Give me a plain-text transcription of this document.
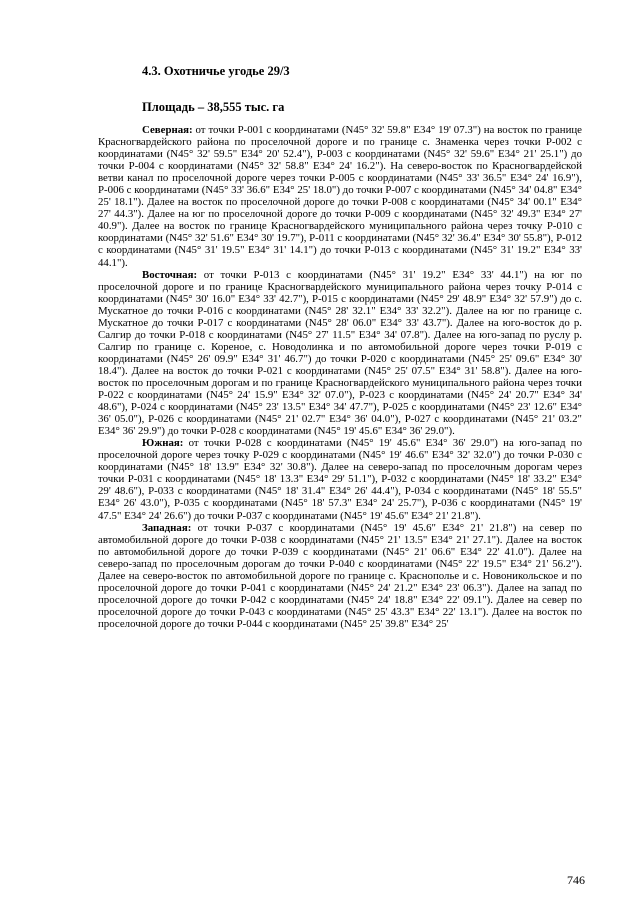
4.3. Охотничье угодье 29/3

Площадь – 38,555 тыс. га

Северная: от точки Р-001 с координатами (N45° 32' 59.8" E34° 19' 07.3") на восток по границе Красногвардейского района по проселочной дороге и по границе с. Знаменка через точки Р-002 с координатами (N45° 32' 59.5" E34° 20' 52.4"), Р-003 с координатами (N45° 32' 59.6" E34° 21' 25.1") до точки Р-004 с координатами (N45° 32' 58.8" E34° 24' 16.2"). На северо-восток по Красногвардейской ветви канал по проселочной дороге через точки Р-005 с координатами (N45° 33' 36.5" E34° 24' 16.9"), Р-006 с координатами (N45° 33' 36.6" E34° 25' 18.0") до точки Р-007 с координатами (N45° 34' 04.8" E34° 25' 18.1"). Далее на восток по проселочной дороге до точки Р-008 с координатами (N45° 34' 00.1" E34° 27' 44.3"). Далее на юг по проселочной дороге до точки Р-009 с координатами (N45° 32' 49.3" E34° 27' 40.9"). Далее на восток по границе Красногвардейского муниципального района через точку Р-010 с координатами (N45° 32' 51.6" E34° 30' 19.7"), Р-011 с координатами (N45° 32' 36.4" E34° 30' 55.8"), Р-012 с координатами (N45° 31' 19.5" E34° 31' 14.1") до точки Р-013 с координатами (N45° 31' 19.2" E34° 33' 44.1").

Восточная: от точки Р-013 с координатами (N45° 31' 19.2" E34° 33' 44.1") на юг по проселочной дороге и по границе Красногвардейского муниципального района через точку Р-014 с координатами (N45° 30' 16.0" E34° 33' 42.7"), Р-015 с координатами (N45° 29' 48.9" E34° 32' 57.9") до с. Мускатное до точки Р-016 с координатами (N45° 28' 32.1" E34° 33' 32.2"). Далее на юг по границе с. Мускатное до точки Р-017 с координатами (N45° 28' 06.0" E34° 33' 43.7"). Далее на юго-восток до р. Салгир до точки Р-018 с координатами (N45° 27' 11.5" E34° 34' 07.8"). Далее на юго-запад по руслу р. Салгир по границе с. Кореное, с. Новодолинка и по автомобильной дороге через точки Р-019 с координатами (N45° 26' 09.9" E34° 31' 46.7") до точки Р-020 с координатами (N45° 25' 09.6" E34° 30' 18.4"). Далее на восток до точки Р-021 с координатами (N45° 25' 07.5" E34° 31' 58.8"). Далее на юго-восток по проселочным дорогам и по границе Красногвардейского муниципального района через точки Р-022 с координатами (N45° 24' 15.9" E34° 32' 07.0"), Р-023 с координатами (N45° 24' 20.7" E34° 34' 48.6"), Р-024 с координатами (N45° 23' 13.5" E34° 34' 47.7"), Р-025 с координатами (N45° 23' 12.6" E34° 36' 05.0"), Р-026 с координатами (N45° 21' 02.7" E34° 36' 04.0"), Р-027 с координатами (N45° 21' 03.2" E34° 36' 29.9") до точки Р-028 с координатами (N45° 19' 45.6" E34° 36' 29.0").

Южная: от точки Р-028 с координатами (N45° 19' 45.6" E34° 36' 29.0") на юго-запад по проселочной дороге через точку Р-029 с координатами (N45° 19' 46.6" E34° 32' 32.0") до точки Р-030 с координатами (N45° 18' 13.9" E34° 32' 30.8"). Далее на северо-запад по проселочным дорогам через точки Р-031 с координатами (N45° 18' 13.3" E34° 29' 51.1"), Р-032 с координатами (N45° 18' 33.2" E34° 29' 48.6"), Р-033 с координатами (N45° 18' 31.4" E34° 26' 44.4"), Р-034 с координатами (N45° 18' 55.5" E34° 26' 43.0"), Р-035 с координатами (N45° 18' 57.3" E34° 24' 25.7"), Р-036 с координатами (N45° 19' 47.5" E34° 24' 26.6") до точки Р-037 с координатами (N45° 19' 45.6" E34° 21' 21.8").

Западная: от точки Р-037 с координатами (N45° 19' 45.6" E34° 21' 21.8") на север по автомобильной дороге до точки Р-038 с координатами (N45° 21' 13.5" E34° 21' 27.1"). Далее на восток по автомобильной дороге до точки Р-039 с координатами (N45° 21' 06.6" E34° 22' 41.0"). Далее на северо-запад по проселочным дорогам до точки Р-040 с координатами (N45° 22' 19.5" E34° 21' 56.2"). Далее на северо-восток по автомобильной дороге по границе с. Краснополье и с. Новоникольское и по проселочной дороге до точки Р-041 с координатами (N45° 24' 21.2" E34° 23' 06.3"). Далее на запад по проселочной дороге до точки Р-042 с координатами (N45° 24' 18.8" E34° 22' 09.1"). Далее на север по проселочной дороге до точки Р-043 с координатами (N45° 25' 43.3" E34° 22' 13.1"). Далее на восток по проселочной дороге до точки Р-044 с координатами (N45° 25' 39.8" E34° 25'

746
